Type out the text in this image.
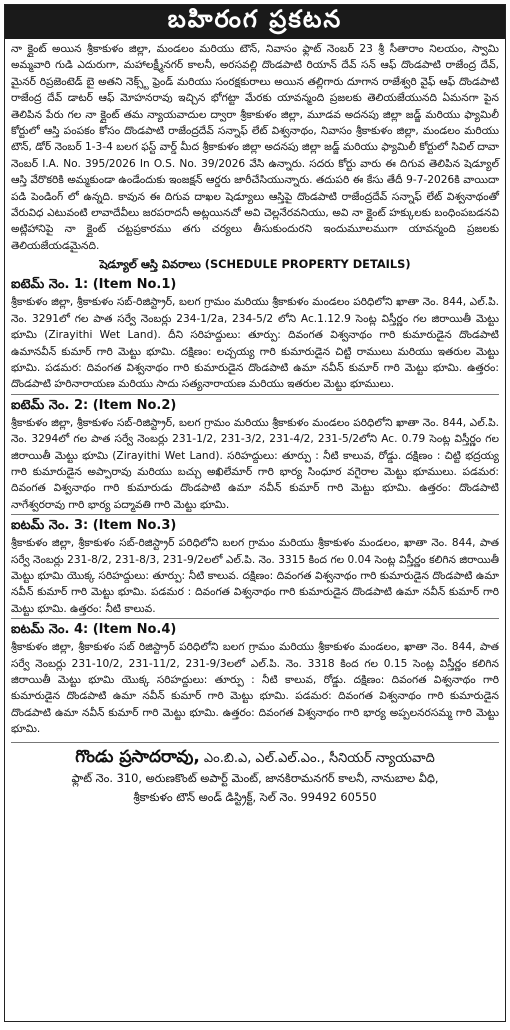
బహిరంగ ప్రకటన

నా క్లైంట్ అయిన శ్రీకాకుళం జిల్లా, మండలం మరియు టౌన్, నివాసం ఫ్లాట్ నెంబర్ 23 శ్రీ సీతారాం నిలయం, స్వామి అమ్మవారి గుడి ఎదురుగా, మహాలక్ష్మీనగర్ కాలనీ, అరసవల్లి దొండపాటి రియాన్ దేవ్ సన్ ఆఫ్ దొండపాటి రాజేంద్ర దేవ్, మైనర్ రిప్రజెంటెడ్ బై అతని నెక్స్ట్ ఫ్రెండ్ మరియు సంరక్షకురాలు అయిన తల్లిగారు దూగాన రాజేశ్వరి వైఫ్ ఆఫ్ దొండపాటి రాజేంద్ర దేవ్ డాటర్ ఆఫ్ మోహనరావు ఇచ్చిన భోగట్టా మేరకు యావన్మంది ప్రజలకు తెలియజేయునది ఏమనగా పైన తెలిపిన పేరు గల నా క్లైంట్ తమ న్యాయవాదుల ద్వారా శ్రీకాకుళం జిల్లా, మూడవ అదనపు జిల్లా జడ్జ్ మరియు ఫ్యామిలీ కోర్టులో ఆస్తి పంపకం కోసం దొండపాటి రాజేంద్రదేవ్ సన్నాఫ్ లేట్ విశ్వనాథం, నివాసం శ్రీకాకుళం జిల్లా, మండలం మరియు టౌన్, డోర్ నెంబర్ 1-3-4 బలగ ఫస్ట్ వార్డ్ మీద శ్రీకాకుళం జిల్లా అదనపు జిల్లా జడ్జ్ మరియు ఫ్యామిలీ కోర్టులో సివిల్ దావా నెంబర్ I.A. No. 395/2026 In O.S. No. 39/2026 వేసి ఉన్నారు. సదరు కోర్టు వారు ఈ దిగువ తెలిపిన షెడ్యూల్ ఆస్తి వేరొకరికి అమ్మకుండా ఉండేందుకు ఇంజక్షన్ ఆర్డరు జారీచేసియున్నారు. తదుపరి ఈ కేసు తేదీ 9-7-2026కి వాయిదా పడి పెండింగ్ లో ఉన్నది. కావున ఈ దిగువ దాఖల షెడ్యూలు ఆస్తిపై దొండపాటి రాజేంద్రదేవ్ సన్నాఫ్ లేట్ విశ్వనాథంతో వేరువిధ ఎటువంటి లావాదేవీలు జరపరాదనీ అట్లయినచో అవి చెల్లనేరవనియు, అవి నా క్లైంట్ హక్కులకు బంధింపబడనవి అట్లిహానిపై నా క్లైంట్ చట్టప్రకారము తగు చర్యలు తీసుకుందురని ఇందుమూలముగా యావన్మంది ప్రజలకు తెలియజేయడమైనది.

షెడ్యూల్ ఆస్తి వివరాలు (SCHEDULE PROPERTY DETAILS)
ఐటెమ్ నెం. 1: (Item No.1)

శ్రీకాకుళం జిల్లా, శ్రీకాకుళం సబ్-రిజిస్ట్రార్, బలగ గ్రామం మరియు శ్రీకాకుళం మండలం పరిధిలోని ఖాతా నెం. 844, ఎల్.పి. నెం. 3291లో గల పాత సర్వే నెంబర్లు 234-1/2a, 234-5/2 లోని Ac.1.12.9 సెంట్ల విస్తీర్ణం గల జిరాయితీ మెట్టు భూమి (Zirayithi Wet Land). దీని సరిహద్దులు: తూర్పు: దివంగత విశ్వనాథం గారి కుమారుడైన దొండపాటి ఉమానవీన్ కుమార్ గారి మెట్టు భూమి. దక్షిణం: లచ్చయ్య గారి కుమారుడైన చిట్టి రాములు మరియు ఇతరుల మెట్టు భూమి. పడమర: దివంగత విశ్వనాథం గారి కుమారుడైన దొండపాటి ఉమా నవీన్ కుమార్ గారి మెట్టు భూమి. ఉత్తరం: దొండపాటి హరినారాయణ మరియు సాదు సత్యనారాయణ మరియు ఇతరుల మెట్టు భూములు.

ఐటెమ్ నెం. 2: (Item No.2)

శ్రీకాకుళం జిల్లా, శ్రీకాకుళం సబ్-రిజిస్ట్రార్, బలగ గ్రామం మరియు శ్రీకాకుళం మండలం పరిధిలోని ఖాతా నెం. 844, ఎల్.పి. నెం. 3294లో గల పాత సర్వే నెంబర్లు 231-1/2, 231-3/2, 231-4/2, 231-5/2లోని Ac. 0.79 సెంట్ల విస్తీర్ణం గల జిరాయితీ మెట్టు భూమి (Zirayithi Wet Land). సరిహద్దులు: తూర్పు : నీటి కాలువ, రోడ్డు. దక్షిణం : చిట్టి భద్రయ్య గారి కుమారుడైన అప్పారావు మరియు బచ్చు అఖిలేమార్ గారి భార్య సింధూర వగైరాల మెట్టు భూములు. పడమర: దివంగత విశ్వనాథం గారి కుమారుడు దొండపాటి ఉమా నవీన్ కుమార్ గారి మెట్టు భూమి. ఉత్తరం: దొండపాటి నాగేశ్వరరావు గారి భార్య పద్మావతి గారి మెట్టు భూమి.

ఐటమ్ నెం. 3: (Item No.3)

శ్రీకాకుళం జిల్లా, శ్రీకాకుళం సబ్-రిజిస్ట్రార్ పరిధిలోని బలగ గ్రామం మరియు శ్రీకాకుళం మండలం, ఖాతా నెం. 844, పాత సర్వే నెంబర్లు 231-8/2, 231-8/3, 231-9/2లలో ఎల్.పి. నెం. 3315 కింద గల 0.04 సెంట్ల విస్తీర్ణం కలిగిన జిరాయితీ మెట్టు భూమి యొక్క సరిహద్దులు: తూర్పు: నీటి కాలువ. దక్షిణం: దివంగత విశ్వనాథం గారి కుమారుడైన దొండపాటి ఉమా నవీన్ కుమార్ గారి మెట్టు భూమి. పడమర : దివంగత విశ్వనాథం గారి కుమారుడైన దొండపాటి ఉమా నవీన్ కుమార్ గారి మెట్టు భూమి. ఉత్తరం: నీటి కాలువ.

ఐటమ్ నెం. 4: (Item No.4)

శ్రీకాకుళం జిల్లా, శ్రీకాకుళం సబ్ రిజిస్ట్రార్ పరిధిలోని బలగ గ్రామం మరియు శ్రీకాకుళం మండలం, ఖాతా నెం. 844, పాత సర్వే నెంబర్లు 231-10/2, 231-11/2, 231-9/3లలో ఎల్.పి. నెం. 3318 కింద గల 0.15 సెంట్ల విస్తీర్ణం కలిగిన జిరాయితీ మెట్టు భూమి యొక్క సరిహద్దులు: తూర్పు : నీటి కాలువ, రోడ్డు. దక్షిణం: దివంగత విశ్వనాథం గారి కుమారుడైన దొండపాటి ఉమా నవీన్ కుమార్ గారి మెట్టు భూమి. పడమర: దివంగత విశ్వనాథం గారి కుమారుడైన దొండపాటి ఉమా నవీన్ కుమార్ గారి మెట్టు భూమి. ఉత్తరం: దివంగత విశ్వనాథం గారి భార్య అప్పలనరసమ్మ గారి మెట్టు భూమి.

గొండు ప్రసాదరావు, ఎం.బి.ఎ, ఎల్.ఎల్.ఎం., సీనియర్ న్యాయవాది
ఫ్లాట్ నెం. 310, అరుణకొంట్ అపార్ట్ మెంట్, జానకిరామనగర్ కాలనీ, నానుబాల వీధి,
శ్రీకాకుళం టౌన్ అండ్ డిస్ట్రిక్ట్, సెల్ నెం. 99492 60550
